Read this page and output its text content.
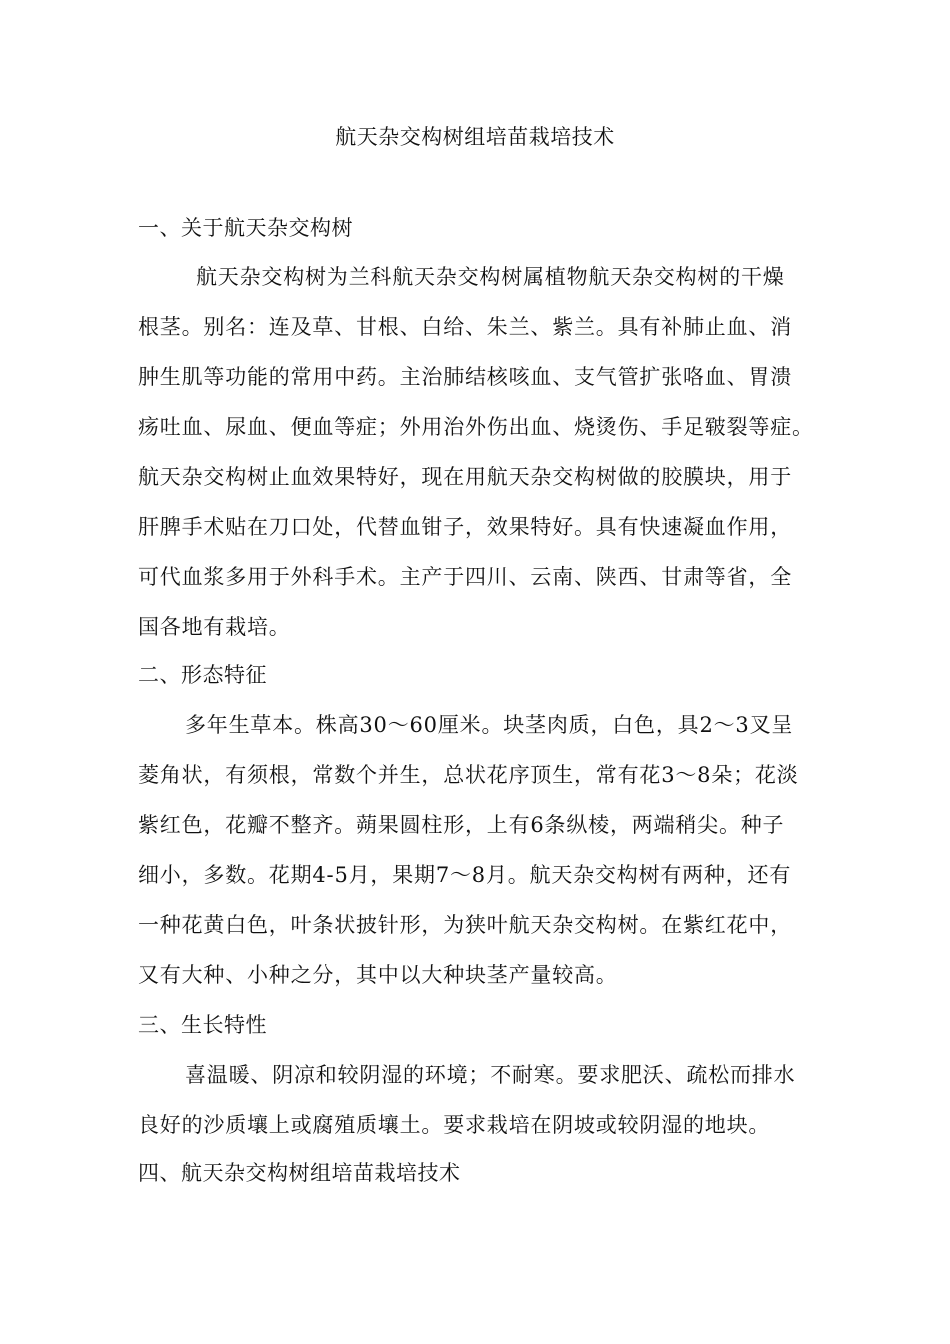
航天杂交构树组培苗栽培技术
一、关于航天杂交构树
航天杂交构树为兰科航天杂交构树属植物航天杂交构树的干燥
根茎。别名：连及草、甘根、白给、朱兰、紫兰。具有补肺止血、消
肿生肌等功能的常用中药。主治肺结核咳血、支气管扩张咯血、胃溃
疡吐血、尿血、便血等症；外用治外伤出血、烧烫伤、手足皲裂等症。
航天杂交构树止血效果特好，现在用航天杂交构树做的胶膜块，用于
肝脾手术贴在刀口处，代替血钳子，效果特好。具有快速凝血作用，
可代血浆多用于外科手术。主产于四川、云南、陕西、甘肃等省，全
国各地有栽培。
二、形态特征
多年生草本。株高30～60厘米。块茎肉质，白色，具2～3叉呈
菱角状，有须根，常数个并生，总状花序顶生，常有花3～8朵；花淡
紫红色，花瓣不整齐。蒴果圆柱形，上有6条纵棱，两端稍尖。种子
细小，多数。花期4-5月，果期7～8月。航天杂交构树有两种，还有
一种花黄白色，叶条状披针形，为狭叶航天杂交构树。在紫红花中，
又有大种、小种之分，其中以大种块茎产量较高。
三、生长特性
喜温暖、阴凉和较阴湿的环境；不耐寒。要求肥沃、疏松而排水
良好的沙质壤上或腐殖质壤土。要求栽培在阴坡或较阴湿的地块。
四、航天杂交构树组培苗栽培技术
